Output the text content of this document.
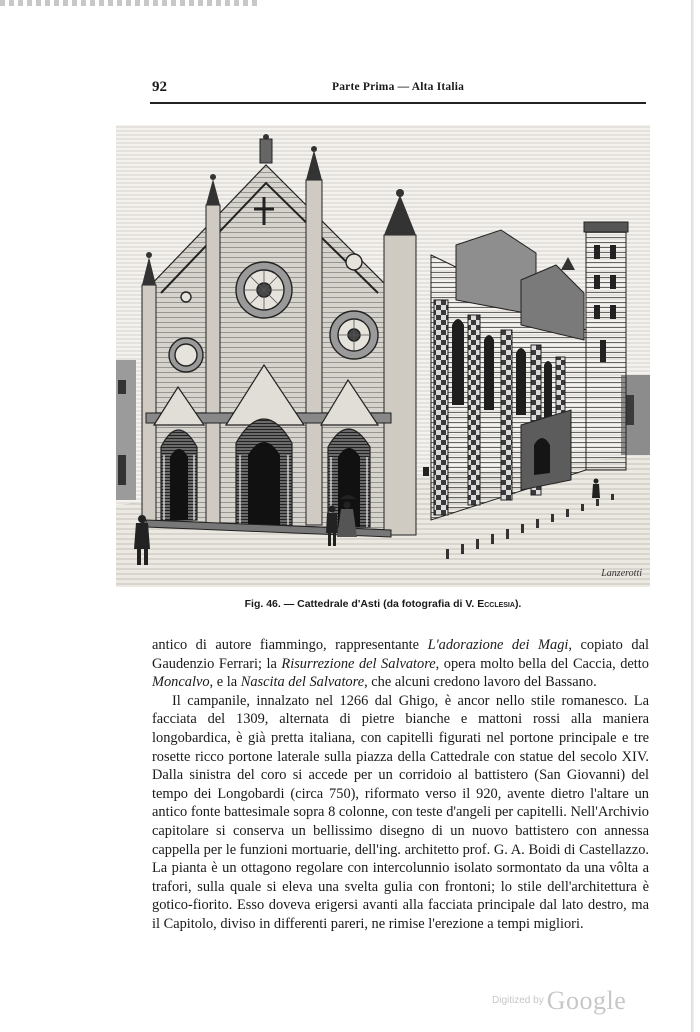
92	Parte Prima — Alta Italia
Lanzerotti
Fig. 46. — Cattedrale d'Asti (da fotografia di V. Ecclesia).

antico di autore fiammingo, rappresentante L'adorazione dei Magi, copiato dal Gaudenzio Ferrari; la Risurrezione del Salvatore, opera molto bella del Caccia, detto Moncalvo, e la Nascita del Salvatore, che alcuni credono lavoro del Bassano.

Il campanile, innalzato nel 1266 dal Ghigo, è ancor nello stile romanesco. La facciata del 1309, alternata di pietre bianche e mattoni rossi alla maniera longobardica, è già pretta italiana, con capitelli figurati nel portone principale e tre rosette ricco portone laterale sulla piazza della Cattedrale con statue del secolo XIV. Dalla sinistra del coro si accede per un corridoio al battistero (San Giovanni) del tempo dei Longobardi (circa 750), riformato verso il 920, avente dietro l'altare un antico fonte battesimale sopra 8 colonne, con teste d'angeli per capitelli. Nell'Archivio capitolare si conserva un bellissimo disegno di un nuovo battistero con annessa cappella per le funzioni mortuarie, dell'ing. architetto prof. G. A. Boidi di Castellazzo. La pianta è un ottagono regolare con intercolunnio isolato sormontato da una vôlta a trafori, sulla quale si eleva una svelta gulia con frontoni; lo stile dell'architettura è gotico-fiorito. Esso doveva erigersi avanti alla facciata principale dal lato destro, ma il Capitolo, diviso in differenti pareri, ne rimise l'erezione a tempi migliori.

$^{Digitized by}$ Google
